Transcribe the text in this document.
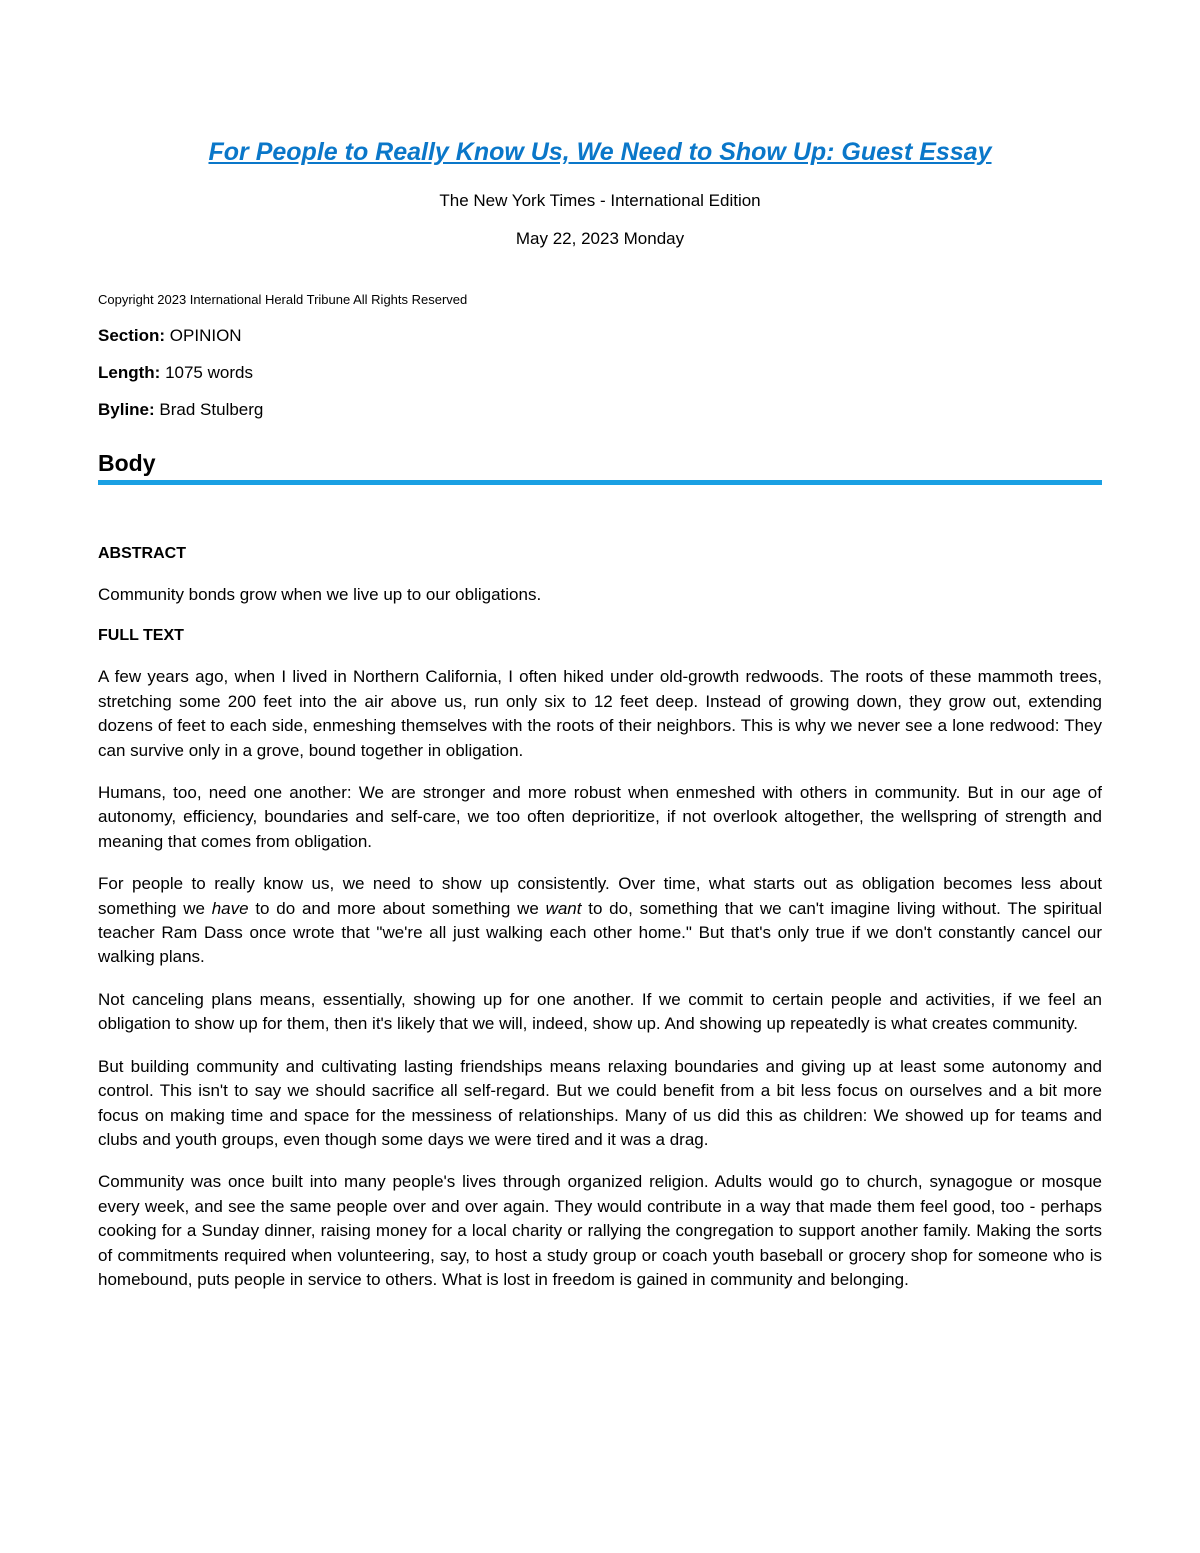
For People to Really Know Us, We Need to Show Up: Guest Essay
The New York Times - International Edition
May 22, 2023 Monday
Copyright 2023 International Herald Tribune All Rights Reserved
Section: OPINION
Length: 1075 words
Byline: Brad Stulberg
Body
ABSTRACT

Community bonds grow when we live up to our obligations.

FULL TEXT

A few years ago, when I lived in Northern California, I often hiked under old-growth redwoods. The roots of these mammoth trees, stretching some 200 feet into the air above us, run only six to 12 feet deep. Instead of growing down, they grow out, extending dozens of feet to each side, enmeshing themselves with the roots of their neighbors. This is why we never see a lone redwood: They can survive only in a grove, bound together in obligation.

Humans, too, need one another: We are stronger and more robust when enmeshed with others in community. But in our age of autonomy, efficiency, boundaries and self-care, we too often deprioritize, if not overlook altogether, the wellspring of strength and meaning that comes from obligation.

For people to really know us, we need to show up consistently. Over time, what starts out as obligation becomes less about something we have to do and more about something we want to do, something that we can't imagine living without. The spiritual teacher Ram Dass once wrote that "we're all just walking each other home." But that's only true if we don't constantly cancel our walking plans.

Not canceling plans means, essentially, showing up for one another. If we commit to certain people and activities, if we feel an obligation to show up for them, then it's likely that we will, indeed, show up. And showing up repeatedly is what creates community.

But building community and cultivating lasting friendships means relaxing boundaries and giving up at least some autonomy and control. This isn't to say we should sacrifice all self-regard. But we could benefit from a bit less focus on ourselves and a bit more focus on making time and space for the messiness of relationships. Many of us did this as children: We showed up for teams and clubs and youth groups, even though some days we were tired and it was a drag.

Community was once built into many people's lives through organized religion. Adults would go to church, synagogue or mosque every week, and see the same people over and over again. They would contribute in a way that made them feel good, too - perhaps cooking for a Sunday dinner, raising money for a local charity or rallying the congregation to support another family. Making the sorts of commitments required when volunteering, say, to host a study group or coach youth baseball or grocery shop for someone who is homebound, puts people in service to others. What is lost in freedom is gained in community and belonging.
